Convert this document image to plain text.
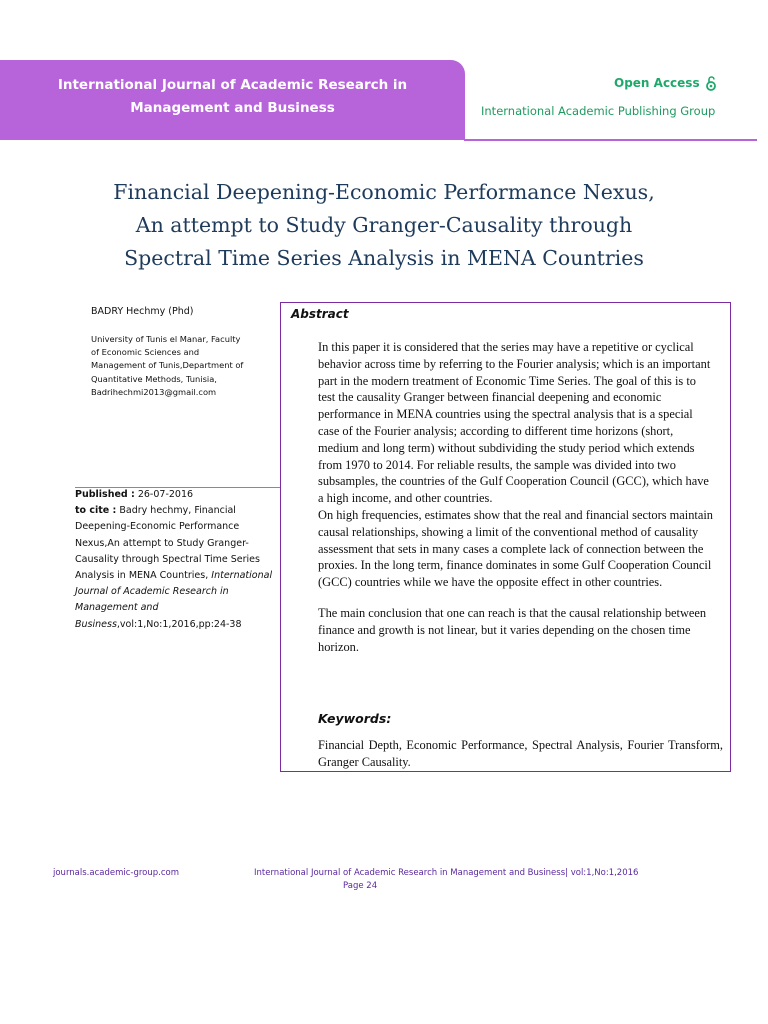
International Journal of Academic Research in
Management and Business
Open Access
International Academic Publishing Group
Financial Deepening-Economic Performance Nexus,
An attempt to Study Granger-Causality through
Spectral Time Series Analysis in MENA Countries
BADRY Hechmy (Phd)
University of Tunis el Manar, Faculty
of Economic Sciences and
Management of Tunis,Department of
Quantitative Methods, Tunisia,
Badrihechmi2013@gmail.com
Published : 26-07-2016
to cite : Badry hechmy, Financial Deepening-Economic Performance Nexus,An attempt to Study Granger-Causality through Spectral Time Series Analysis in MENA Countries, International Journal of Academic Research in Management and Business,vol:1,No:1,2016,pp:24-38
Abstract

In this paper it is considered that the series may have a repetitive or cyclical behavior across time by referring to the Fourier analysis; which is an important part in the modern treatment of Economic Time Series. The goal of this is to test the causality Granger between financial deepening and economic performance in MENA countries using the spectral analysis that is a special case of the Fourier analysis; according to different time horizons (short, medium and long term) without subdividing the study period which extends from 1970 to 2014. For reliable results, the sample was divided into two subsamples, the countries of the Gulf Cooperation Council (GCC), which have a high income, and other countries.

On high frequencies, estimates show that the real and financial sectors maintain causal relationships, showing a limit of the conventional method of causality assessment that sets in many cases a complete lack of connection between the proxies. In the long term, finance dominates in some Gulf Cooperation Council (GCC) countries while we have the opposite effect in other countries.

The main conclusion that one can reach is that the causal relationship between finance and growth is not linear, but it varies depending on the chosen time horizon.

Keywords:
Financial Depth, Economic Performance, Spectral Analysis, Fourier Transform, Granger Causality.
journals.academic-group.com	International Journal of Academic Research in Management and Business| vol:1,No:1,2016
Page 24
